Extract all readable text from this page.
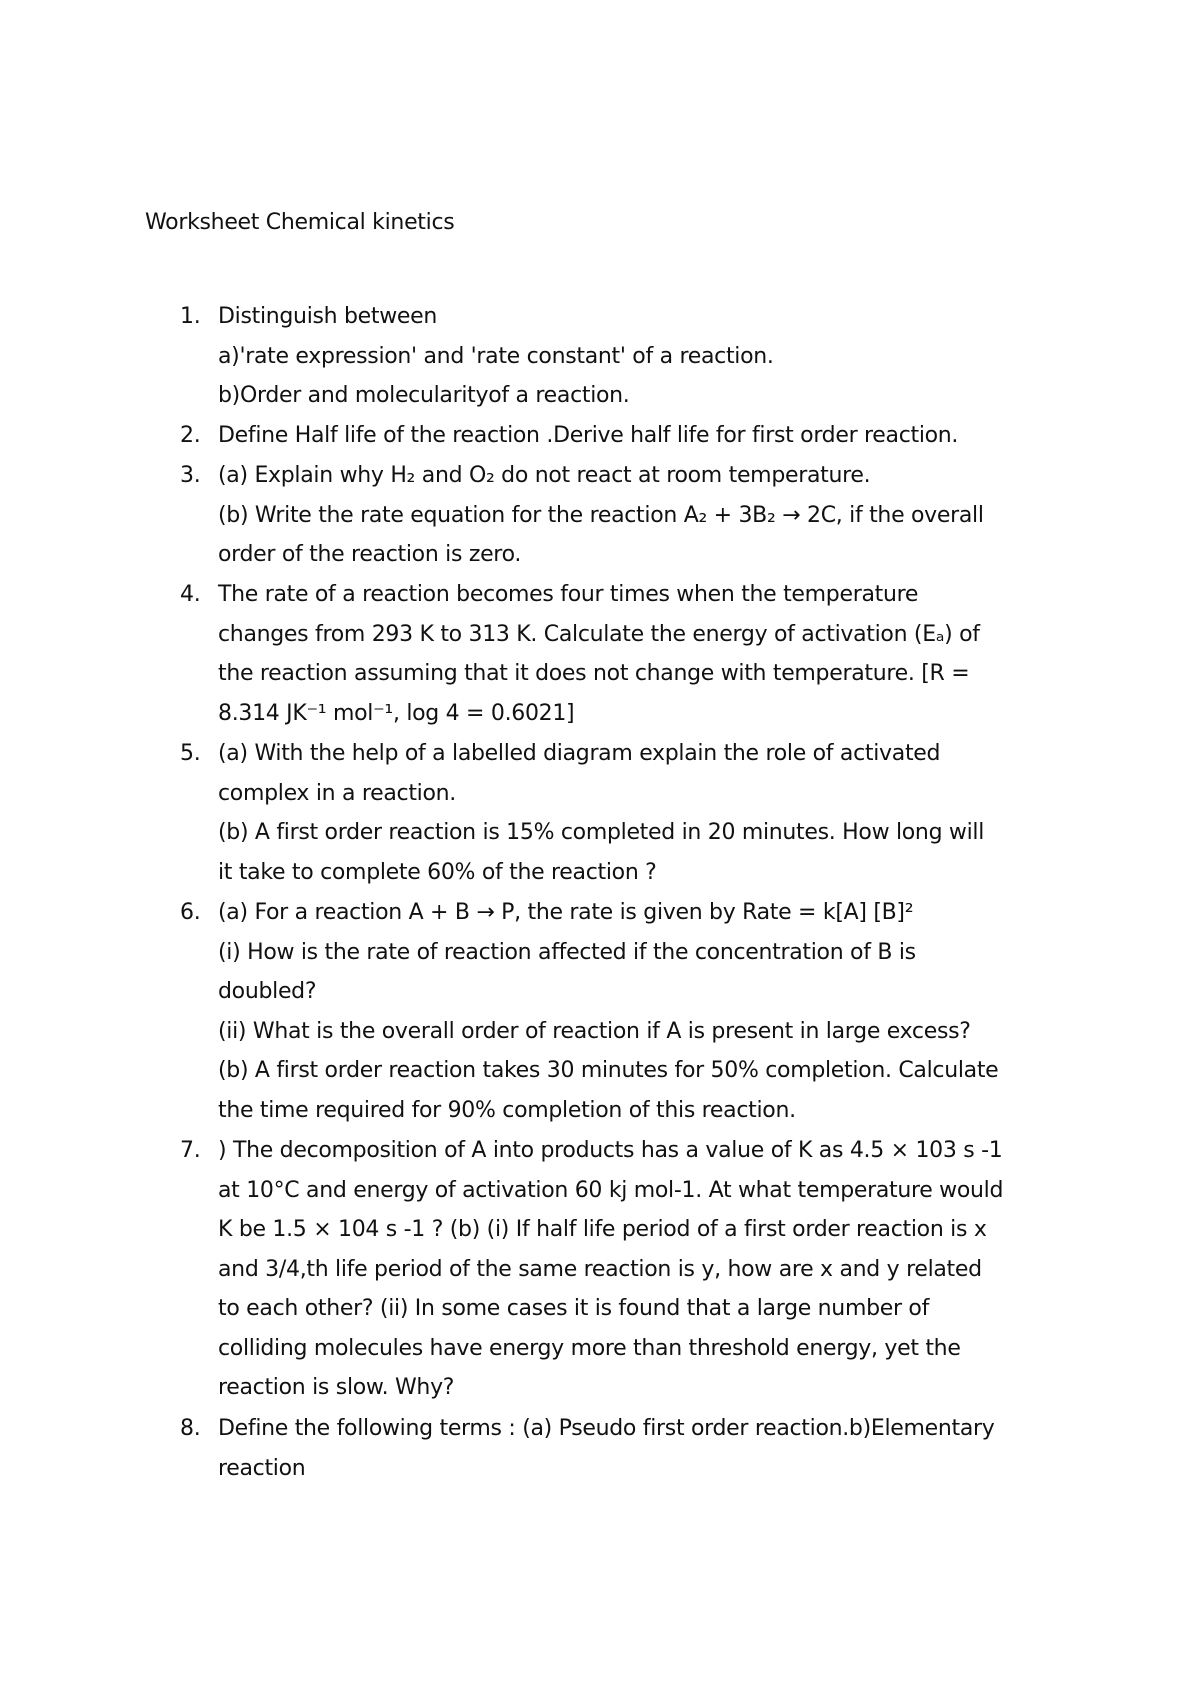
Worksheet Chemical kinetics
1. Distinguish between
a)'rate expression' and 'rate constant' of a reaction.
b)Order and molecularityof a reaction.
2. Define Half life of the reaction .Derive half life for first order reaction.
3. (a) Explain why H₂ and O₂ do not react at room temperature.
(b) Write the rate equation for the reaction A₂ + 3B₂ → 2C, if the overall
order of the reaction is zero.
4. The rate of a reaction becomes four times when the temperature
changes from 293 K to 313 K. Calculate the energy of activation (Eₐ) of
the reaction assuming that it does not change with temperature. [R =
8.314 JK⁻¹ mol⁻¹, log 4 = 0.6021]
5. (a) With the help of a labelled diagram explain the role of activated
complex in a reaction.
(b) A first order reaction is 15% completed in 20 minutes. How long will
it take to complete 60% of the reaction ?
6. (a) For a reaction A + B → P, the rate is given by Rate = k[A] [B]²
(i) How is the rate of reaction affected if the concentration of B is
doubled?
(ii) What is the overall order of reaction if A is present in large excess?
(b) A first order reaction takes 30 minutes for 50% completion. Calculate
the time required for 90% completion of this reaction.
7. ) The decomposition of A into products has a value of K as 4.5 × 103 s -1
at 10°C and energy of activation 60 kj mol-1. At what temperature would
K be 1.5 × 104 s -1 ? (b) (i) If half life period of a first order reaction is x
and 3/4,th life period of the same reaction is y, how are x and y related
to each other? (ii) In some cases it is found that a large number of
colliding molecules have energy more than threshold energy, yet the
reaction is slow. Why?
8. Define the following terms : (a) Pseudo first order reaction.b)Elementary
reaction
